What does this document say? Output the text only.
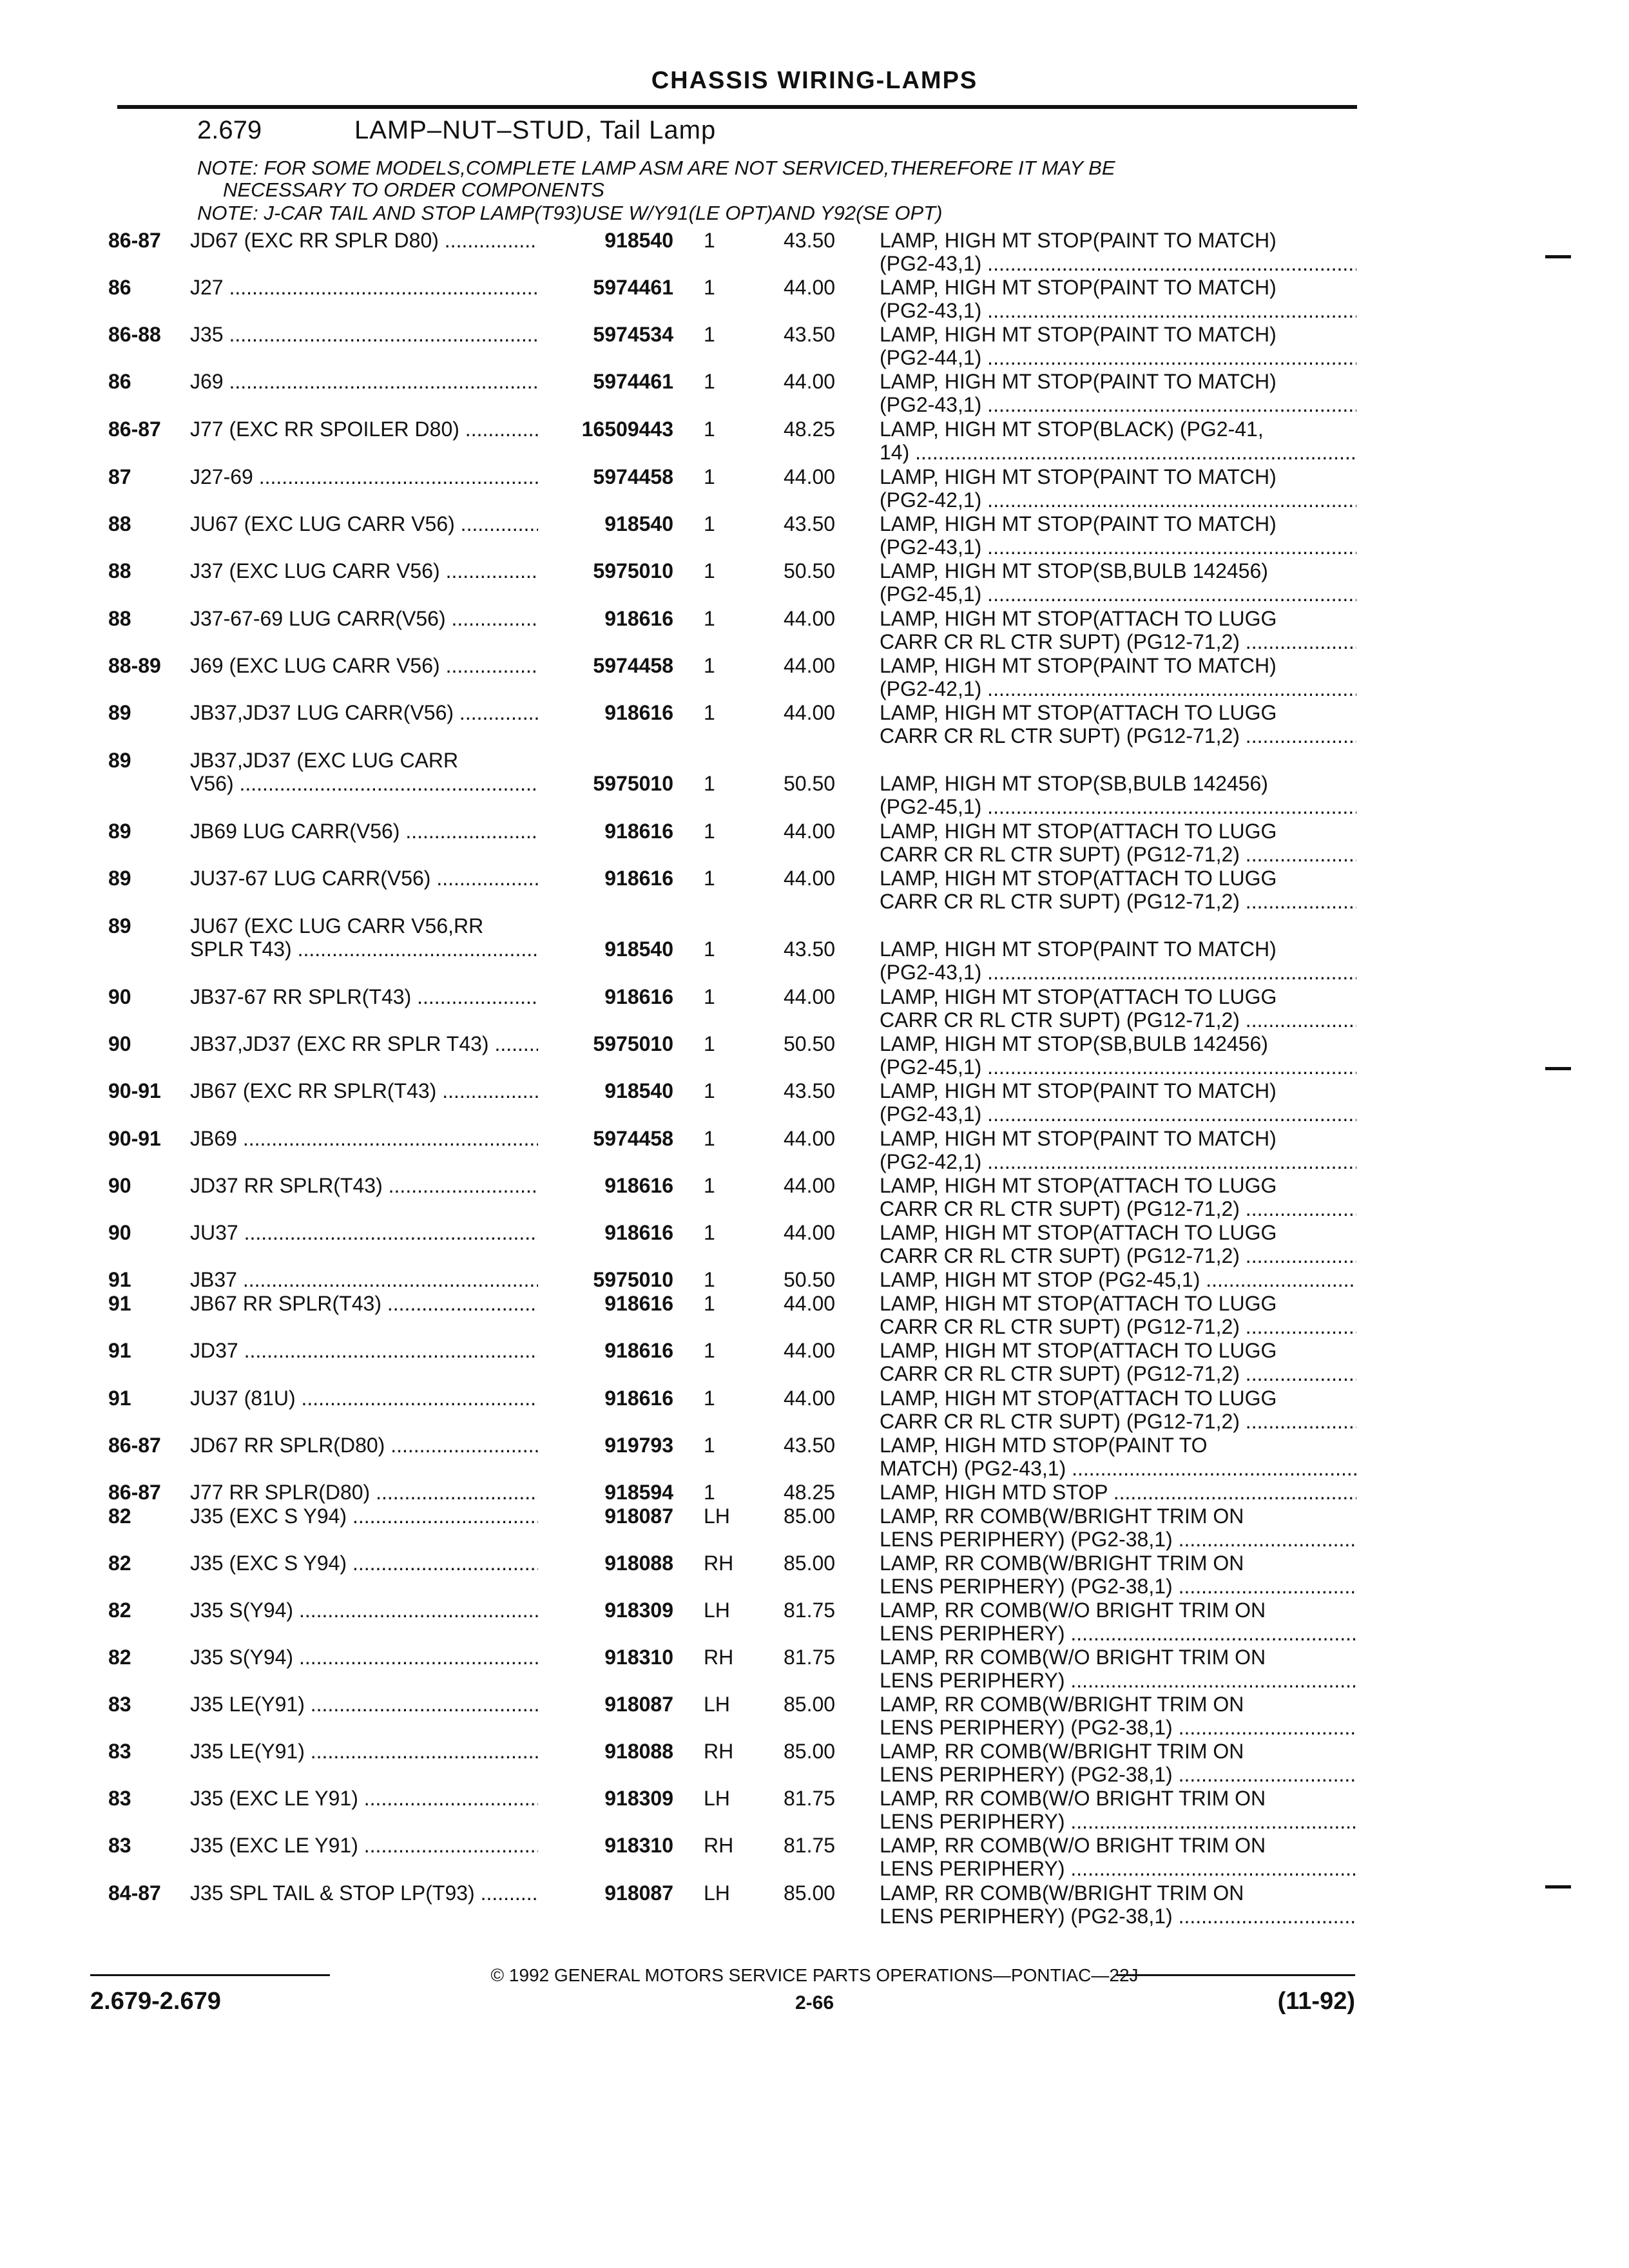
CHASSIS WIRING-LAMPS
2.679	LAMP–NUT–STUD, Tail Lamp
NOTE: FOR SOME MODELS,COMPLETE LAMP ASM ARE NOT SERVICED,THEREFORE IT MAY BE
NECESSARY TO ORDER COMPONENTS
NOTE: J-CAR TAIL AND STOP LAMP(T93)USE W/Y91(LE OPT)AND Y92(SE OPT)
86-87 JD67 (EXC RR SPLR D80) .....	918540 1	43.50 LAMP, HIGH MT STOP(PAINT TO MATCH)
(PG2-43,1) .....
86	J27 .....	5974461 1	44.00 LAMP, HIGH MT STOP(PAINT TO MATCH)
(PG2-43,1) .....
86-88 J35 .....	5974534 1	43.50 LAMP, HIGH MT STOP(PAINT TO MATCH)
(PG2-44,1) .....
86	J69 .....	5974461 1	44.00 LAMP, HIGH MT STOP(PAINT TO MATCH)
(PG2-43,1) .....
86-87 J77 (EXC RR SPOILER D80) .....	16509443 1	48.25 LAMP, HIGH MT STOP(BLACK) (PG2-41,
14) .....
87	J27-69 .....	5974458 1	44.00 LAMP, HIGH MT STOP(PAINT TO MATCH)
(PG2-42,1) .....
88	JU67 (EXC LUG CARR V56) .....	918540 1	43.50 LAMP, HIGH MT STOP(PAINT TO MATCH)
(PG2-43,1) .....
88	J37 (EXC LUG CARR V56) .....	5975010 1	50.50 LAMP, HIGH MT STOP(SB,BULB 142456)
(PG2-45,1) .....
88	J37-67-69 LUG CARR(V56) .....	918616 1	44.00 LAMP, HIGH MT STOP(ATTACH TO LUGG
CARR CR RL CTR SUPT) (PG12-71,2) .....
88-89 J69 (EXC LUG CARR V56) .....	5974458 1	44.00 LAMP, HIGH MT STOP(PAINT TO MATCH)
(PG2-42,1) .....
89	JB37,JD37 LUG CARR(V56) .....	918616 1	44.00 LAMP, HIGH MT STOP(ATTACH TO LUGG
CARR CR RL CTR SUPT) (PG12-71,2) .....
89	JB37,JD37 (EXC LUG CARR
V56) .....	5975010 1	50.50 LAMP, HIGH MT STOP(SB,BULB 142456)
(PG2-45,1) .....
89	JB69 LUG CARR(V56) .....	918616 1	44.00 LAMP, HIGH MT STOP(ATTACH TO LUGG
CARR CR RL CTR SUPT) (PG12-71,2) .....
89	JU37-67 LUG CARR(V56) .....	918616 1	44.00 LAMP, HIGH MT STOP(ATTACH TO LUGG
CARR CR RL CTR SUPT) (PG12-71,2) .....
89	JU67 (EXC LUG CARR V56,RR
SPLR T43) .....	918540 1	43.50 LAMP, HIGH MT STOP(PAINT TO MATCH)
(PG2-43,1) .....
90	JB37-67 RR SPLR(T43) .....	918616 1	44.00 LAMP, HIGH MT STOP(ATTACH TO LUGG
CARR CR RL CTR SUPT) (PG12-71,2) .....
90	JB37,JD37 (EXC RR SPLR T43) .....	5975010 1	50.50 LAMP, HIGH MT STOP(SB,BULB 142456)
(PG2-45,1) .....
90-91 JB67 (EXC RR SPLR(T43) .....	918540 1	43.50 LAMP, HIGH MT STOP(PAINT TO MATCH)
(PG2-43,1) .....
90-91 JB69 .....	5974458 1	44.00 LAMP, HIGH MT STOP(PAINT TO MATCH)
(PG2-42,1) .....
90	JD37 RR SPLR(T43) .....	918616 1	44.00 LAMP, HIGH MT STOP(ATTACH TO LUGG
CARR CR RL CTR SUPT) (PG12-71,2) .....
90	JU37 .....	918616 1	44.00 LAMP, HIGH MT STOP(ATTACH TO LUGG
CARR CR RL CTR SUPT) (PG12-71,2) .....
91	JB37 .....	5975010 1	50.50 LAMP, HIGH MT STOP (PG2-45,1) .....
91	JB67 RR SPLR(T43) .....	918616 1	44.00 LAMP, HIGH MT STOP(ATTACH TO LUGG
CARR CR RL CTR SUPT) (PG12-71,2) .....
91	JD37 .....	918616 1	44.00 LAMP, HIGH MT STOP(ATTACH TO LUGG
CARR CR RL CTR SUPT) (PG12-71,2) .....
91	JU37 (81U) .....	918616 1	44.00 LAMP, HIGH MT STOP(ATTACH TO LUGG
CARR CR RL CTR SUPT) (PG12-71,2) .....
86-87 JD67 RR SPLR(D80) .....	919793 1	43.50 LAMP, HIGH MTD STOP(PAINT TO
MATCH) (PG2-43,1) .....
86-87 J77 RR SPLR(D80) .....	918594 1	48.25 LAMP, HIGH MTD STOP .....
82	J35 (EXC S Y94) .....	918087 LH	85.00 LAMP, RR COMB(W/BRIGHT TRIM ON
LENS PERIPHERY) (PG2-38,1) .....
82	J35 (EXC S Y94) .....	918088 RH 85.00 LAMP, RR COMB(W/BRIGHT TRIM ON
LENS PERIPHERY) (PG2-38,1) .....
82	J35 S(Y94) .....	918309 LH	81.75 LAMP, RR COMB(W/O BRIGHT TRIM ON
LENS PERIPHERY) .....
82	J35 S(Y94) .....	918310 RH 81.75 LAMP, RR COMB(W/O BRIGHT TRIM ON
LENS PERIPHERY) .....
83	J35 LE(Y91) .....	918087 LH	85.00 LAMP, RR COMB(W/BRIGHT TRIM ON
LENS PERIPHERY) (PG2-38,1) .....
83	J35 LE(Y91) .....	918088 RH 85.00 LAMP, RR COMB(W/BRIGHT TRIM ON
LENS PERIPHERY) (PG2-38,1) .....
83	J35 (EXC LE Y91) .....	918309 LH	81.75 LAMP, RR COMB(W/O BRIGHT TRIM ON
LENS PERIPHERY) .....
83	J35 (EXC LE Y91) .....	918310 RH 81.75 LAMP, RR COMB(W/O BRIGHT TRIM ON
LENS PERIPHERY) .....
84-87 J35 SPL TAIL & STOP LP(T93) .....	918087 LH	85.00 LAMP, RR COMB(W/BRIGHT TRIM ON
LENS PERIPHERY) (PG2-38,1) .....
© 1992 GENERAL MOTORS SERVICE PARTS OPERATIONS—PONTIAC—22J
2.679-2.679	2-66	(11-92)
